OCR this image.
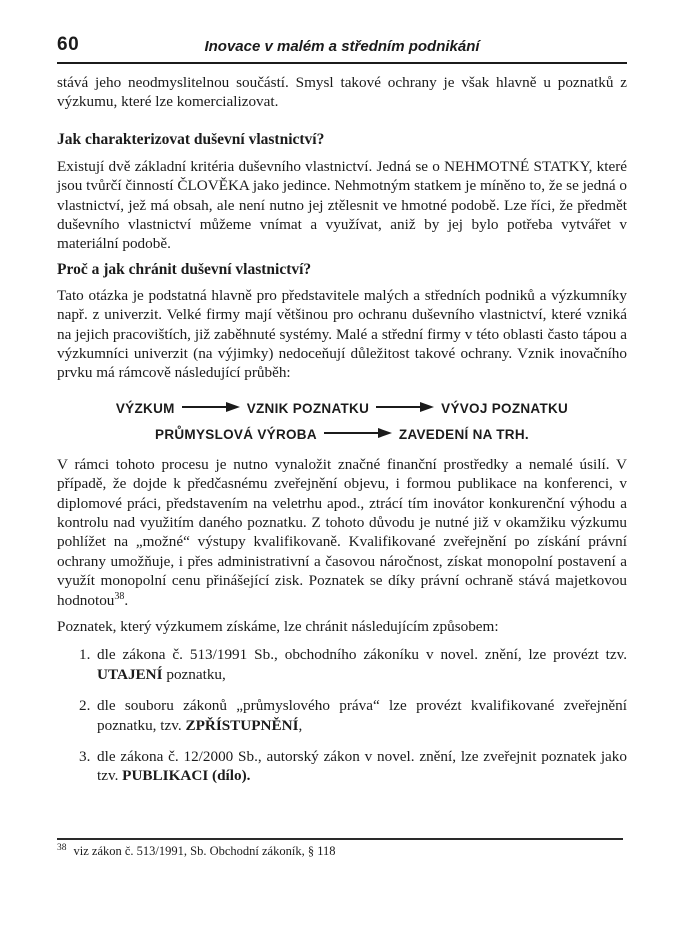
60	Inovace v malém a středním podnikání

stává jeho neodmyslitelnou součástí. Smysl takové ochrany je však hlavně u poznatků z výzkumu, které lze komercializovat.

Jak charakterizovat duševní vlastnictví?

Existují dvě základní kritéria duševního vlastnictví. Jedná se o NEHMOTNÉ STATKY, které jsou tvůrčí činností ČLOVĚKA jako jedince. Nehmotným statkem je míněno to, že se jedná o vlastnictví, jež má obsah, ale není nutno jej ztělesnit ve hmotné podobě. Lze říci, že předmět duševního vlastnictví můžeme vnímat a využívat, aniž by jej bylo potřeba vytvářet v materiální podobě.

Proč a jak chránit duševní vlastnictví?

Tato otázka je podstatná hlavně pro představitele malých a středních podniků a výzkumníky např. z univerzit. Velké firmy mají většinou pro ochranu duševního vlastnictví, které vzniká na jejich pracovištích, již zaběhnuté systémy. Malé a střední firmy v této oblasti často tápou a výzkumníci univerzit (na výjimky) nedoceňují důležitost takové ochrany. Vznik inovačního prvku má rámcově následující průběh:

VÝZKUM	VZNIK POZNATKU	VÝVOJ POZNATKU
PRŮMYSLOVÁ VÝROBA	ZAVEDENÍ NA TRH.

V rámci tohoto procesu je nutno vynaložit značné finanční prostředky a nemalé úsilí. V případě, že dojde k předčasnému zveřejnění objevu, i formou publikace na konferenci, v diplomové práci, představením na veletrhu apod., ztrácí tím inovátor konkurenční výhodu a kontrolu nad využitím daného poznatku. Z tohoto důvodu je nutné již v okamžiku výzkumu pohlížet na „možné“ výstupy kvalifikovaně. Kvalifikované zveřejnění po získání právní ochrany umožňuje, i přes administrativní a časovou náročnost, získat monopolní postavení a využít monopolní cenu přinášející zisk. Poznatek se díky právní ochraně stává majetkovou hodnotou$^{38}$.

Poznatek, který výzkumem získáme, lze chránit následujícím způsobem:

1. dle zákona č. 513/1991 Sb., obchodního zákoníku v novel. znění, lze provézt tzv. UTAJENÍ poznatku,
2. dle souboru zákonů „průmyslového práva“ lze provézt kvalifikované zveřejnění poznatku, tzv. ZPŘÍSTUPNĚNÍ,
3. dle zákona č. 12/2000 Sb., autorský zákon v novel. znění, lze zveřejnit poznatek jako tzv. PUBLIKACI (dílo).
$^{38}$ viz zákon č. 513/1991, Sb. Obchodní zákoník, § 118
